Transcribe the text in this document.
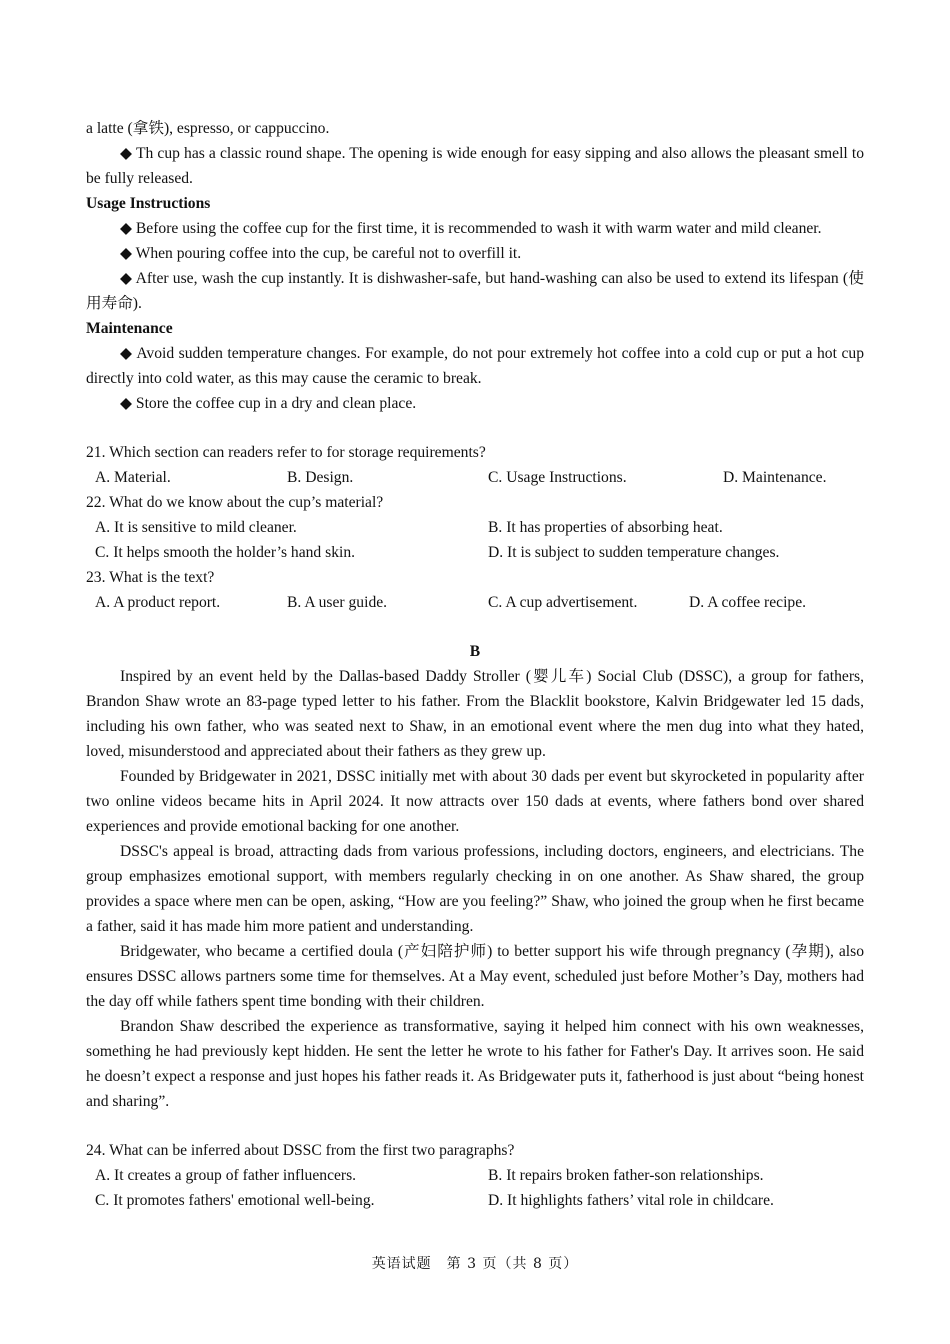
a latte (拿铁), espresso, or cappuccino.

◆ Th cup has a classic round shape. The opening is wide enough for easy sipping and also allows the pleasant smell to be fully released.

Usage Instructions

◆ Before using the coffee cup for the first time, it is recommended to wash it with warm water and mild cleaner.

◆ When pouring coffee into the cup, be careful not to overfill it.

◆ After use, wash the cup instantly. It is dishwasher-safe, but hand-washing can also be used to extend its lifespan (使用寿命).

Maintenance

◆ Avoid sudden temperature changes. For example, do not pour extremely hot coffee into a cold cup or put a hot cup directly into cold water, as this may cause the ceramic to break.

◆ Store the coffee cup in a dry and clean place.

21. Which section can readers refer to for storage requirements?

A. Material.	B. Design.	C. Usage Instructions.	D. Maintenance.

22. What do we know about the cup’s material?

A. It is sensitive to mild cleaner.	B. It has properties of absorbing heat.
C. It helps smooth the holder’s hand skin.	D. It is subject to sudden temperature changes.

23. What is the text?

A. A product report.	B. A user guide.	C. A cup advertisement.	D. A coffee recipe.

B

Inspired by an event held by the Dallas-based Daddy Stroller (婴儿车) Social Club (DSSC), a group for fathers, Brandon Shaw wrote an 83-page typed letter to his father. From the Blacklit bookstore, Kalvin Bridgewater led 15 dads, including his own father, who was seated next to Shaw, in an emotional event where the men dug into what they hated, loved, misunderstood and appreciated about their fathers as they grew up.

Founded by Bridgewater in 2021, DSSC initially met with about 30 dads per event but skyrocketed in popularity after two online videos became hits in April 2024. It now attracts over 150 dads at events, where fathers bond over shared experiences and provide emotional backing for one another.

DSSC's appeal is broad, attracting dads from various professions, including doctors, engineers, and electricians. The group emphasizes emotional support, with members regularly checking in on one another. As Shaw shared, the group provides a space where men can be open, asking, “How are you feeling?” Shaw, who joined the group when he first became a father, said it has made him more patient and understanding.

Bridgewater, who became a certified doula (产妇陪护师) to better support his wife through pregnancy (孕期), also ensures DSSC allows partners some time for themselves. At a May event, scheduled just before Mother’s Day, mothers had the day off while fathers spent time bonding with their children.

Brandon Shaw described the experience as transformative, saying it helped him connect with his own weaknesses, something he had previously kept hidden. He sent the letter he wrote to his father for Father's Day. It arrives soon. He said he doesn’t expect a response and just hopes his father reads it. As Bridgewater puts it, fatherhood is just about “being honest and sharing”.

24. What can be inferred about DSSC from the first two paragraphs?

A. It creates a group of father influencers.	B. It repairs broken father-son relationships.
C. It promotes fathers' emotional well-being.	D. It highlights fathers’ vital role in childcare.
英语试题　第 3 页（共 8 页）
